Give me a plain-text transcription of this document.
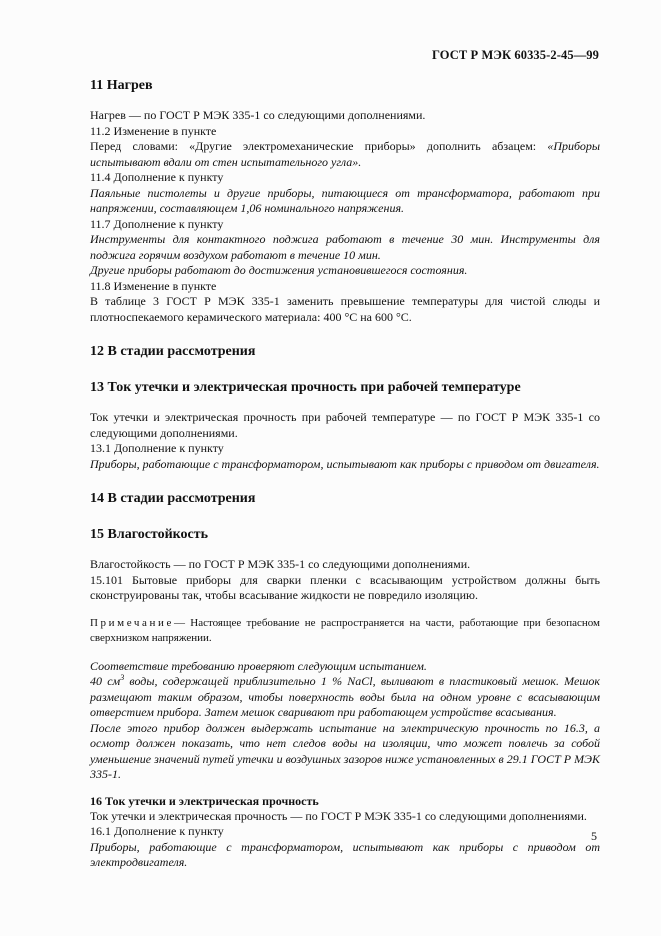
ГОСТ Р МЭК 60335-2-45—99
11 Нагрев

Нагрев — по ГОСТ Р МЭК 335-1 со следующими дополнениями.

11.2 Изменение в пункте

Перед словами: «Другие электромеханические приборы» дополнить абзацем: «Приборы испытывают вдали от стен испытательного угла».

11.4 Дополнение к пункту

Паяльные пистолеты и другие приборы, питающиеся от трансформатора, работают при напряжении, составляющем 1,06 номинального напряжения.

11.7 Дополнение к пункту

Инструменты для контактного поджига работают в течение 30 мин. Инструменты для поджига горячим воздухом работают в течение 10 мин.

Другие приборы работают до достижения установившегося состояния.

11.8 Изменение в пункте

В таблице 3 ГОСТ Р МЭК 335-1 заменить превышение температуры для чистой слюды и плотноспекаемого керамического материала: 400 °С на 600 °С.

12 В стадии рассмотрения
13 Ток утечки и электрическая прочность при рабочей температуре

Ток утечки и электрическая прочность при рабочей температуре — по ГОСТ Р МЭК 335-1 со следующими дополнениями.

13.1 Дополнение к пункту

Приборы, работающие с трансформатором, испытывают как приборы с приводом от двигателя.

14 В стадии рассмотрения
15 Влагостойкость

Влагостойкость — по ГОСТ Р МЭК 335-1 со следующими дополнениями.

15.101 Бытовые приборы для сварки пленки с всасывающим устройством должны быть сконструированы так, чтобы всасывание жидкости не повредило изоляцию.

Примечание— Настоящее требование не распространяется на части, работающие при безопасном сверхнизком напряжении.

Соответствие требованию проверяют следующим испытанием.

40 $см^3$ воды, содержащей приблизительно 1 % NaCl, выливают в пластиковый мешок. Мешок размещают таким образом, чтобы поверхность воды была на одном уровне с всасывающим отверстием прибора. Затем мешок сваривают при работающем устройстве всасывания.

После этого прибор должен выдержать испытание на электрическую прочность по 16.3, а осмотр должен показать, что нет следов воды на изоляции, что может повлечь за собой уменьшение значений путей утечки и воздушных зазоров ниже установленных в 29.1 ГОСТ Р МЭК 335-1.

16 Ток утечки и электрическая прочность

Ток утечки и электрическая прочность — по ГОСТ Р МЭК 335-1 со следующими дополнениями.

16.1 Дополнение к пункту

Приборы, работающие с трансформатором, испытывают как приборы с приводом от электродвигателя.

5
